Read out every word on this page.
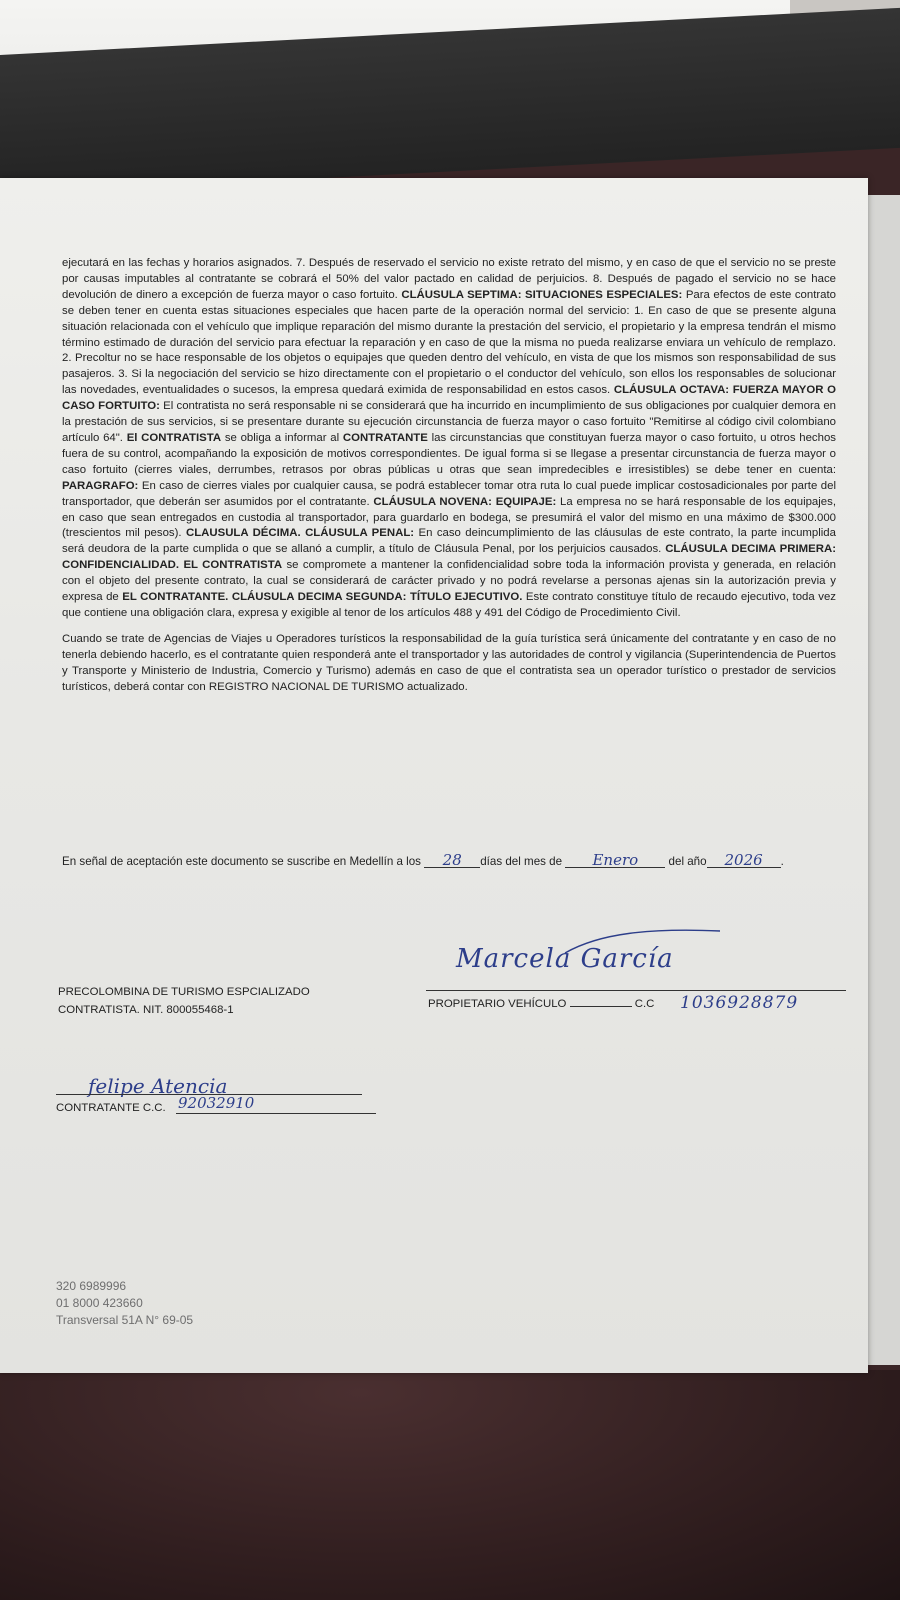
ejecutará en las fechas y horarios asignados. 7. Después de reservado el servicio no existe retrato del mismo, y en caso de que el servicio no se preste por causas imputables al contratante se cobrará el 50% del valor pactado en calidad de perjuicios. 8. Después de pagado el servicio no se hace devolución de dinero a excepción de fuerza mayor o caso fortuito. CLÁUSULA SEPTIMA: SITUACIONES ESPECIALES: Para efectos de este contrato se deben tener en cuenta estas situaciones especiales que hacen parte de la operación normal del servicio: 1. En caso de que se presente alguna situación relacionada con el vehículo que implique reparación del mismo durante la prestación del servicio, el propietario y la empresa tendrán el mismo término estimado de duración del servicio para efectuar la reparación y en caso de que la misma no pueda realizarse enviara un vehículo de remplazo. 2. Precoltur no se hace responsable de los objetos o equipajes que queden dentro del vehículo, en vista de que los mismos son responsabilidad de sus pasajeros. 3. Si la negociación del servicio se hizo directamente con el propietario o el conductor del vehículo, son ellos los responsables de solucionar las novedades, eventualidades o sucesos, la empresa quedará eximida de responsabilidad en estos casos. CLÁUSULA OCTAVA: FUERZA MAYOR O CASO FORTUITO: El contratista no será responsable ni se considerará que ha incurrido en incumplimiento de sus obligaciones por cualquier demora en la prestación de sus servicios, si se presentare durante su ejecución circunstancia de fuerza mayor o caso fortuito "Remitirse al código civil colombiano artículo 64". El CONTRATISTA se obliga a informar al CONTRATANTE las circunstancias que constituyan fuerza mayor o caso fortuito, u otros hechos fuera de su control, acompañando la exposición de motivos correspondientes. De igual forma si se llegase a presentar circunstancia de fuerza mayor o caso fortuito (cierres viales, derrumbes, retrasos por obras públicas u otras que sean impredecibles e irresistibles) se debe tener en cuenta: PARAGRAFO: En caso de cierres viales por cualquier causa, se podrá establecer tomar otra ruta lo cual puede implicar costosadicionales por parte del transportador, que deberán ser asumidos por el contratante. CLÁUSULA NOVENA: EQUIPAJE: La empresa no se hará responsable de los equipajes, en caso que sean entregados en custodia al transportador, para guardarlo en bodega, se presumirá el valor del mismo en una máximo de $300.000 (trescientos mil pesos). CLAUSULA DÉCIMA. CLÁUSULA PENAL: En caso deincumplimiento de las cláusulas de este contrato, la parte incumplida será deudora de la parte cumplida o que se allanó a cumplir, a título de Cláusula Penal, por los perjuicios causados. CLÁUSULA DECIMA PRIMERA: CONFIDENCIALIDAD. EL CONTRATISTA se compromete a mantener la confidencialidad sobre toda la información provista y generada, en relación con el objeto del presente contrato, la cual se considerará de carácter privado y no podrá revelarse a personas ajenas sin la autorización previa y expresa de EL CONTRATANTE. CLÁUSULA DECIMA SEGUNDA: TÍTULO EJECUTIVO. Este contrato constituye título de recaudo ejecutivo, toda vez que contiene una obligación clara, expresa y exigible al tenor de los artículos 488 y 491 del Código de Procedimiento Civil.

Cuando se trate de Agencias de Viajes u Operadores turísticos la responsabilidad de la guía turística será únicamente del contratante y en caso de no tenerla debiendo hacerlo, es el contratante quien responderá ante el transportador y las autoridades de control y vigilancia (Superintendencia de Puertos y Transporte y Ministerio de Industria, Comercio y Turismo) además en caso de que el contratista sea un operador turístico o prestador de servicios turísticos, deberá contar con REGISTRO NACIONAL DE TURISMO actualizado.

En señal de aceptación este documento se suscribe en Medellín a los 28 días del mes de Enero	del año 2026 .
PRECOLOMBINA DE TURISMO ESPCIALIZADO
CONTRATISTA. NIT. 800055468-1
Marcela García
PROPIETARIO VEHÍCULO	C.C 1036928879
felipe Atencia
CONTRATANTE C.C. 92032910
320 6989996
01 8000 423660
Transversal 51A N° 69-05
